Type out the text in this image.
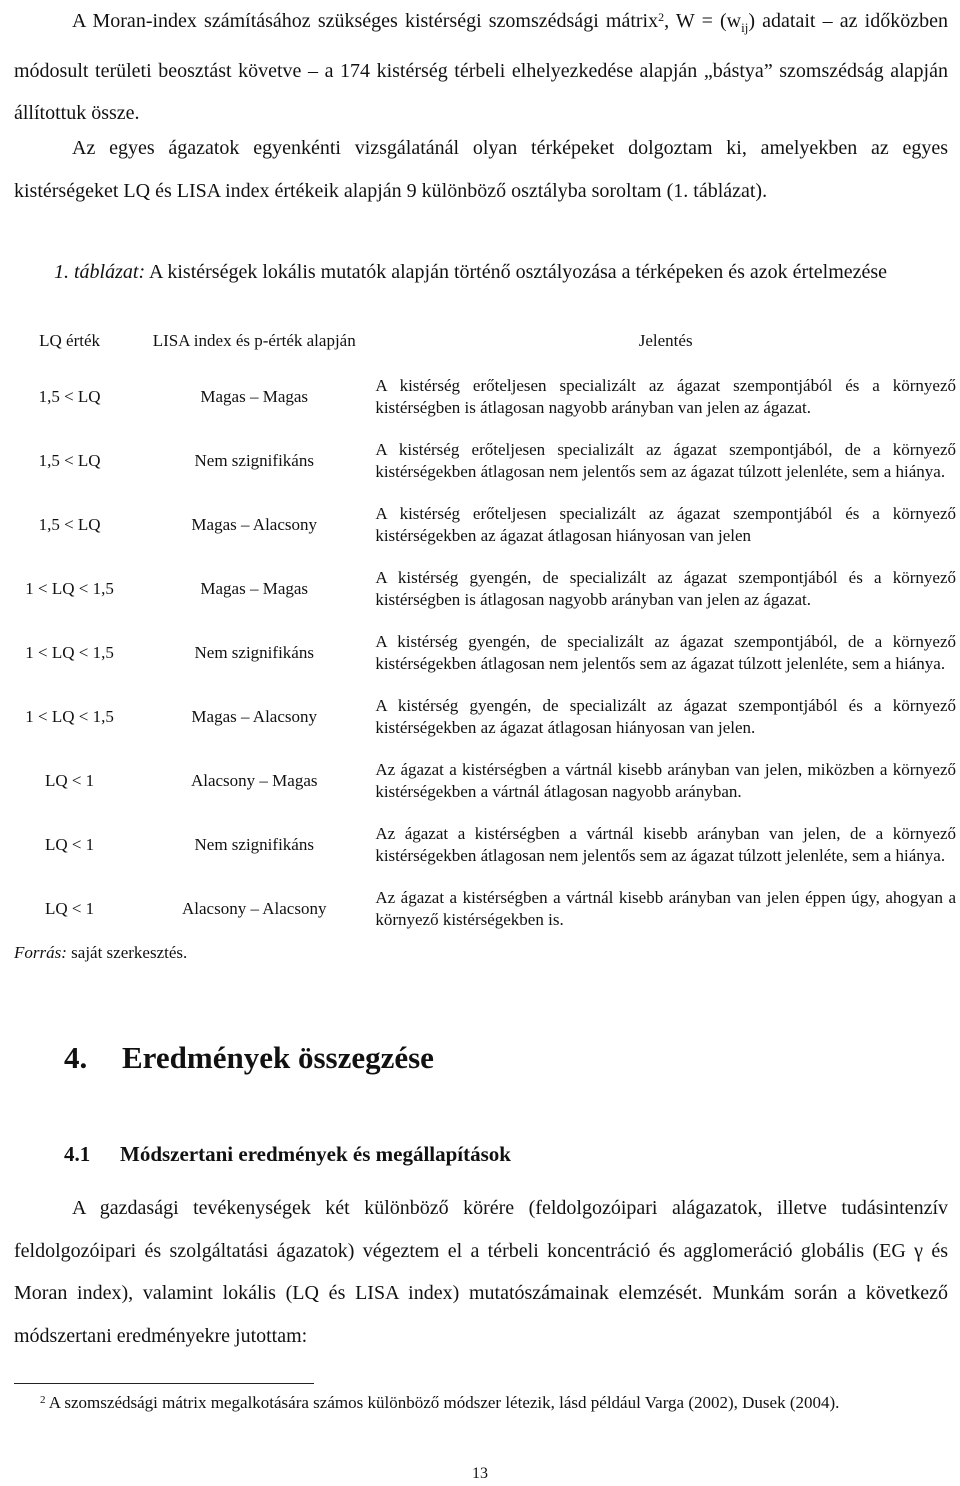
A Moran-index számításához szükséges kistérségi szomszédsági mátrix$^2$, $W = (w_{ij})$ adatait – az időközben módosult területi beosztást követve – a 174 kistérség térbeli elhelyezkedése alapján „bástya” szomszédság alapján állítottuk össze.
Az egyes ágazatok egyenkénti vizsgálatánál olyan térképeket dolgoztam ki, amelyekben az egyes kistérségeket LQ és LISA index értékeik alapján 9 különböző osztályba soroltam (1. táblázat).
1. táblázat: A kistérségek lokális mutatók alapján történő osztályozása a térképeken és azok értelmezése
LQ érték	LISA index és p-érték alapján	Jelentés
1,5 < LQ	Magas – Magas	A kistérség erőteljesen specializált az ágazat szempontjából és a környező kistérségben is átlagosan nagyobb arányban van jelen az ágazat.
1,5 < LQ	Nem szignifikáns	A kistérség erőteljesen specializált az ágazat szempontjából, de a környező kistérségekben átlagosan nem jelentős sem az ágazat túlzott jelenléte, sem a hiánya.
1,5 < LQ	Magas – Alacsony	A kistérség erőteljesen specializált az ágazat szempontjából és a környező kistérségekben az ágazat átlagosan hiányosan van jelen
1 < LQ < 1,5	Magas – Magas	A kistérség gyengén, de specializált az ágazat szempontjából és a környező kistérségben is átlagosan nagyobb arányban van jelen az ágazat.
1 < LQ < 1,5	Nem szignifikáns	A kistérség gyengén, de specializált az ágazat szempontjából, de a környező kistérségekben átlagosan nem jelentős sem az ágazat túlzott jelenléte, sem a hiánya.
1 < LQ < 1,5	Magas – Alacsony	A kistérség gyengén, de specializált az ágazat szempontjából és a környező kistérségekben az ágazat átlagosan hiányosan van jelen.
LQ < 1	Alacsony – Magas	Az ágazat a kistérségben a vártnál kisebb arányban van jelen, miközben a környező kistérségekben a vártnál átlagosan nagyobb arányban.
LQ < 1	Nem szignifikáns	Az ágazat a kistérségben a vártnál kisebb arányban van jelen, de a környező kistérségekben átlagosan nem jelentős sem az ágazat túlzott jelenléte, sem a hiánya.
LQ < 1	Alacsony – Alacsony	Az ágazat a kistérségben a vártnál kisebb arányban van jelen éppen úgy, ahogyan a környező kistérségekben is.
Forrás: saját szerkesztés.
4. Eredmények összegzése
4.1 Módszertani eredmények és megállapítások
A gazdasági tevékenységek két különböző körére (feldolgozóipari alágazatok, illetve tudásintenzív feldolgozóipari és szolgáltatási ágazatok) végeztem el a térbeli koncentráció és agglomeráció globális (EG γ és Moran index), valamint lokális (LQ és LISA index) mutatószámainak elemzését. Munkám során a következő módszertani eredményekre jutottam:
$^2$ A szomszédsági mátrix megalkotására számos különböző módszer létezik, lásd például Varga (2002), Dusek (2004).
13
